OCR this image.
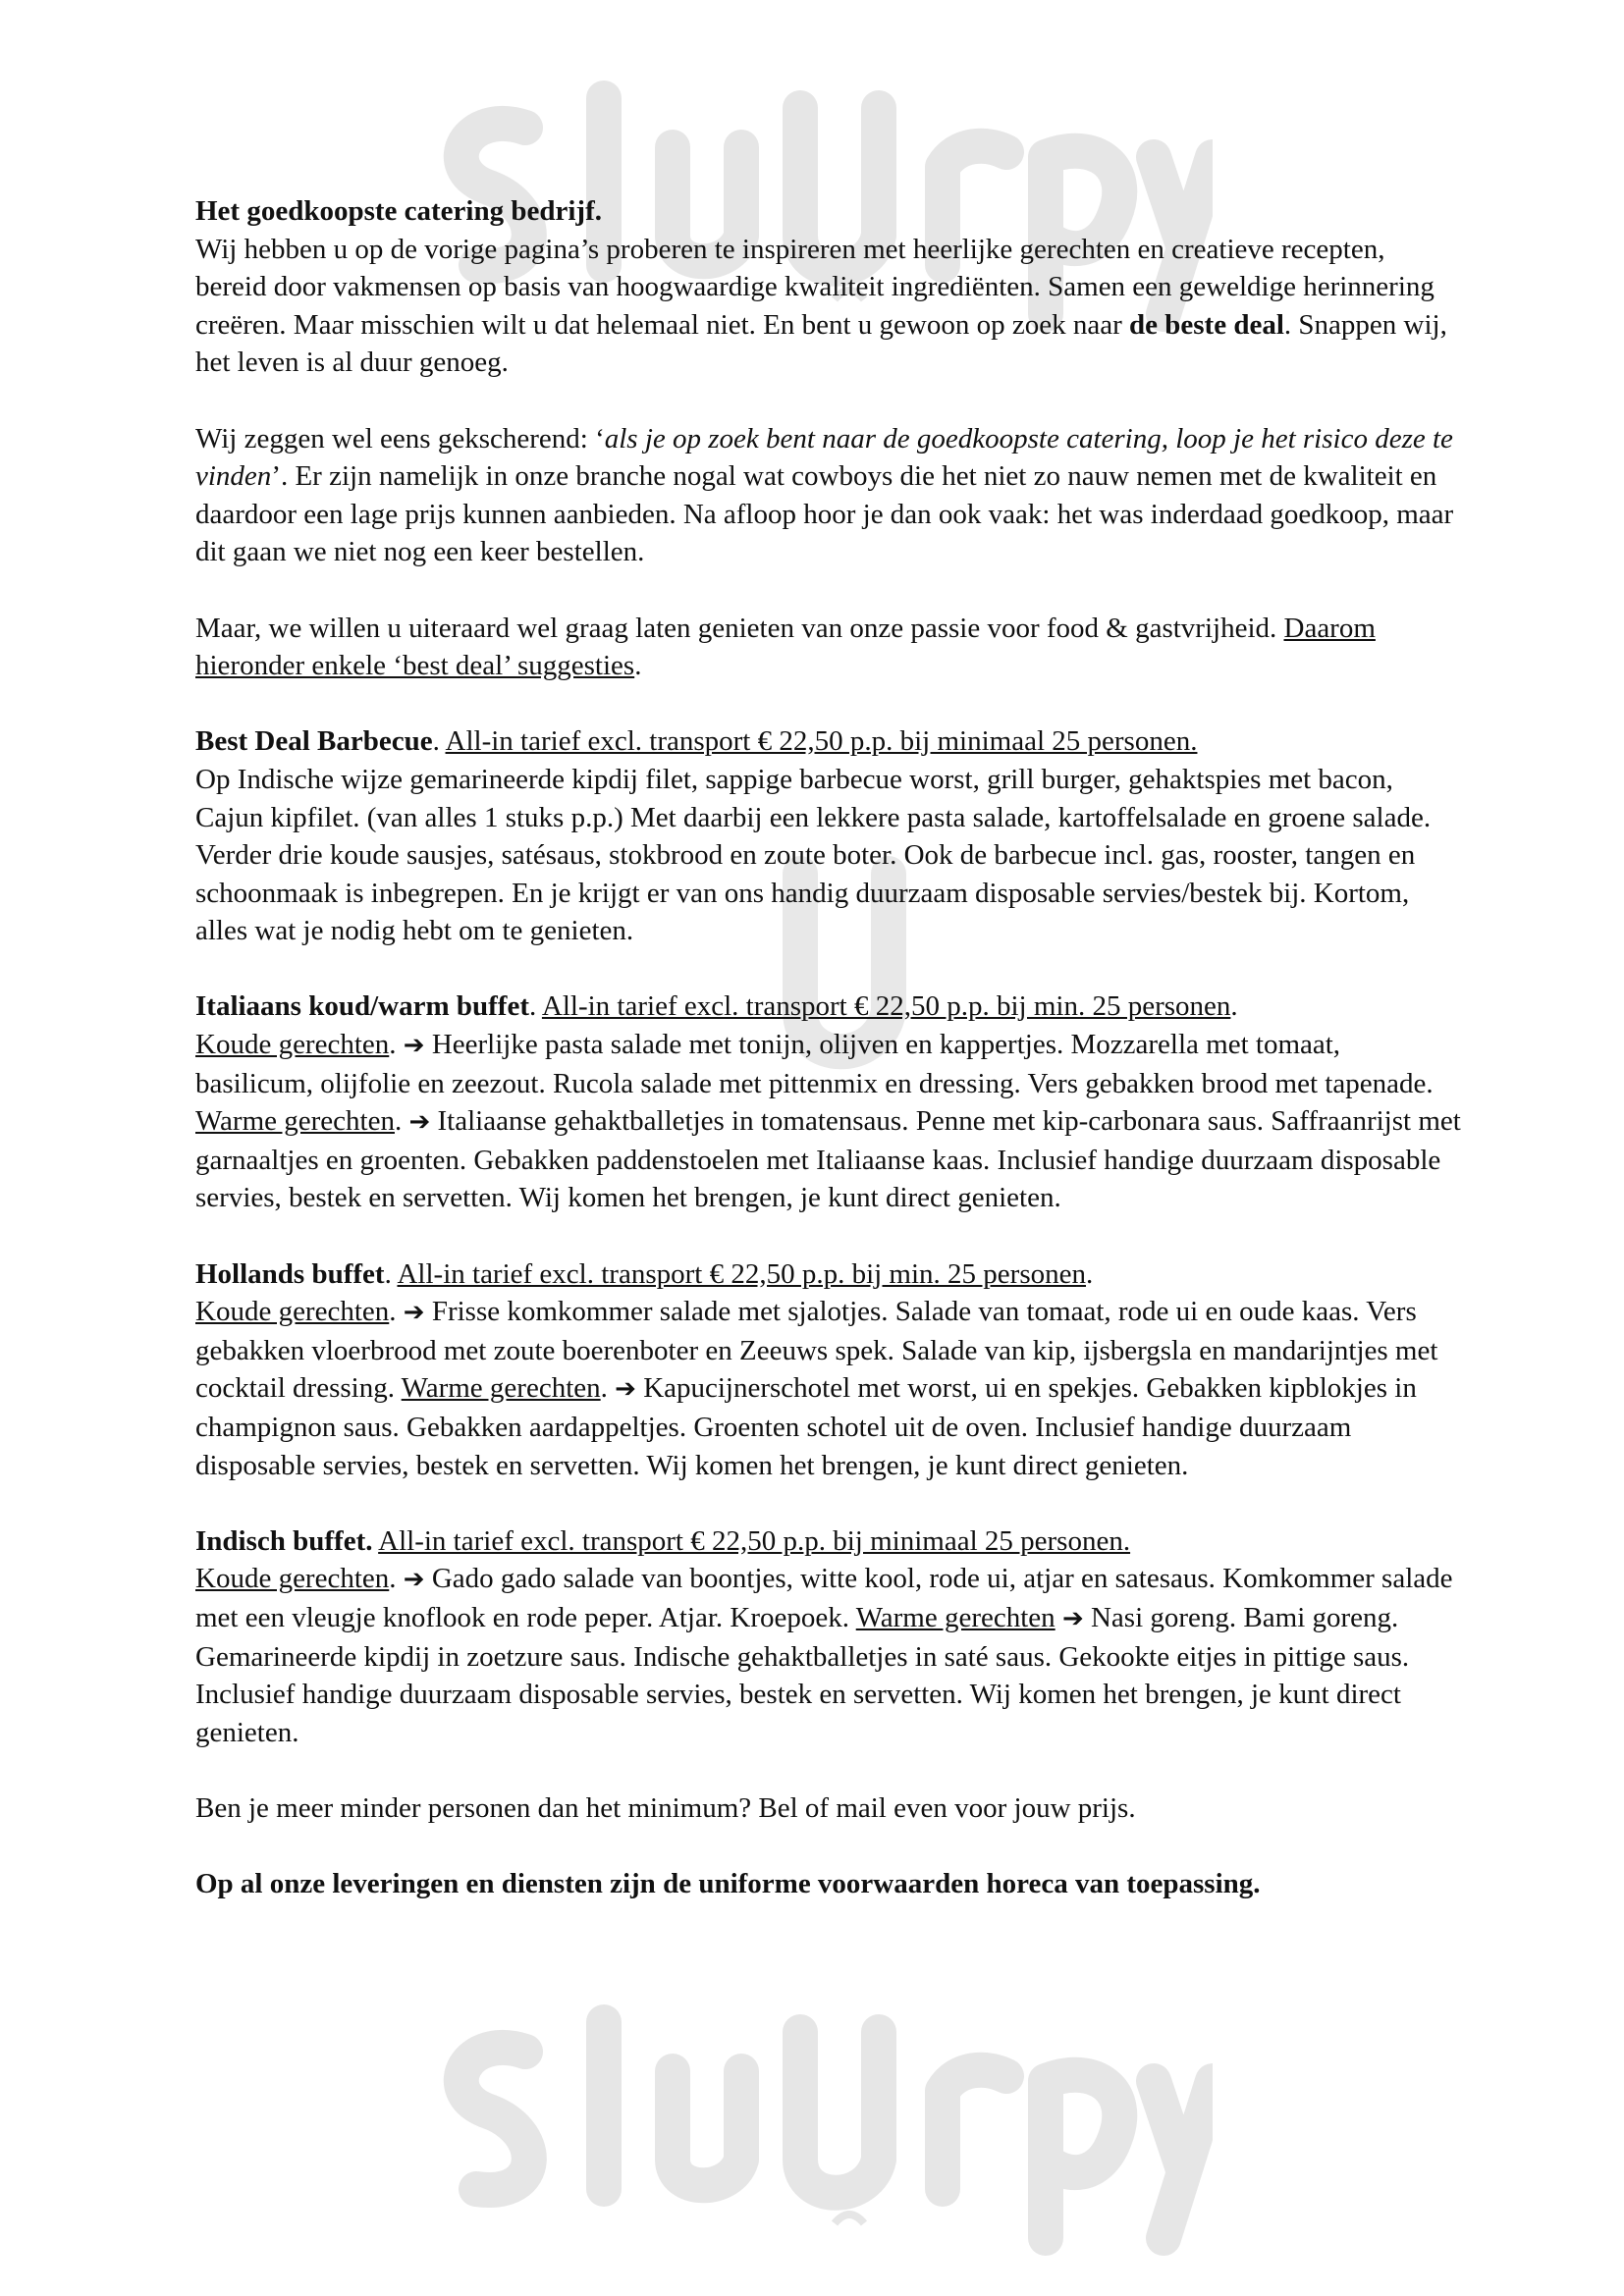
Het goedkoopste catering bedrijf.
Wij hebben u op de vorige pagina’s proberen te inspireren met heerlijke gerechten en creatieve recepten, bereid door vakmensen op basis van hoogwaardige kwaliteit ingrediënten. Samen een geweldige herinnering creëren. Maar misschien wilt u dat helemaal niet. En bent u gewoon op zoek naar de beste deal. Snappen wij, het leven is al duur genoeg.

Wij zeggen wel eens gekscherend: ‘als je op zoek bent naar de goedkoopste catering, loop je het risico deze te vinden’. Er zijn namelijk in onze branche nogal wat cowboys die het niet zo nauw nemen met de kwaliteit en daardoor een lage prijs kunnen aanbieden. Na afloop hoor je dan ook vaak: het was inderdaad goedkoop, maar dit gaan we niet nog een keer bestellen.

Maar, we willen u uiteraard wel graag laten genieten van onze passie voor food & gastvrijheid. Daarom hieronder enkele ‘best deal’ suggesties.

Best Deal Barbecue. All-in tarief excl. transport € 22,50 p.p. bij minimaal 25 personen.
Op Indische wijze gemarineerde kipdij filet, sappige barbecue worst, grill burger, gehaktspies met bacon, Cajun kipfilet. (van alles 1 stuks p.p.) Met daarbij een lekkere pasta salade, kartoffelsalade en groene salade. Verder drie koude sausjes, satésaus, stokbrood en zoute boter. Ook de barbecue incl. gas, rooster, tangen en schoonmaak is inbegrepen. En je krijgt er van ons handig duurzaam disposable servies/bestek bij. Kortom, alles wat je nodig hebt om te genieten.

Italiaans koud/warm buffet. All-in tarief excl. transport € 22,50 p.p. bij min. 25 personen.
Koude gerechten. ➔ Heerlijke pasta salade met tonijn, olijven en kappertjes. Mozzarella met tomaat, basilicum, olijfolie en zeezout. Rucola salade met pittenmix en dressing. Vers gebakken brood met tapenade. Warme gerechten. ➔ Italiaanse gehaktballetjes in tomatensaus. Penne met kip-carbonara saus. Saffraanrijst met garnaaltjes en groenten. Gebakken paddenstoelen met Italiaanse kaas. Inclusief handige duurzaam disposable servies, bestek en servetten. Wij komen het brengen, je kunt direct genieten.

Hollands buffet. All-in tarief excl. transport € 22,50 p.p. bij min. 25 personen.
Koude gerechten. ➔ Frisse komkommer salade met sjalotjes. Salade van tomaat, rode ui en oude kaas. Vers gebakken vloerbrood met zoute boerenboter en Zeeuws spek. Salade van kip, ijsbergsla en mandarijntjes met cocktail dressing. Warme gerechten. ➔ Kapucijnerschotel met worst, ui en spekjes. Gebakken kipblokjes in champignon saus. Gebakken aardappeltjes. Groenten schotel uit de oven. Inclusief handige duurzaam disposable servies, bestek en servetten. Wij komen het brengen, je kunt direct genieten.

Indisch buffet. All-in tarief excl. transport € 22,50 p.p. bij minimaal 25 personen.
Koude gerechten. ➔ Gado gado salade van boontjes, witte kool, rode ui, atjar en satesaus. Komkommer salade met een vleugje knoflook en rode peper. Atjar. Kroepoek. Warme gerechten ➔ Nasi goreng. Bami goreng. Gemarineerde kipdij in zoetzure saus. Indische gehaktballetjes in saté saus. Gekookte eitjes in pittige saus. Inclusief handige duurzaam disposable servies, bestek en servetten. Wij komen het brengen, je kunt direct genieten.

Ben je meer minder personen dan het minimum? Bel of mail even voor jouw prijs.

Op al onze leveringen en diensten zijn de uniforme voorwaarden horeca van toepassing.
